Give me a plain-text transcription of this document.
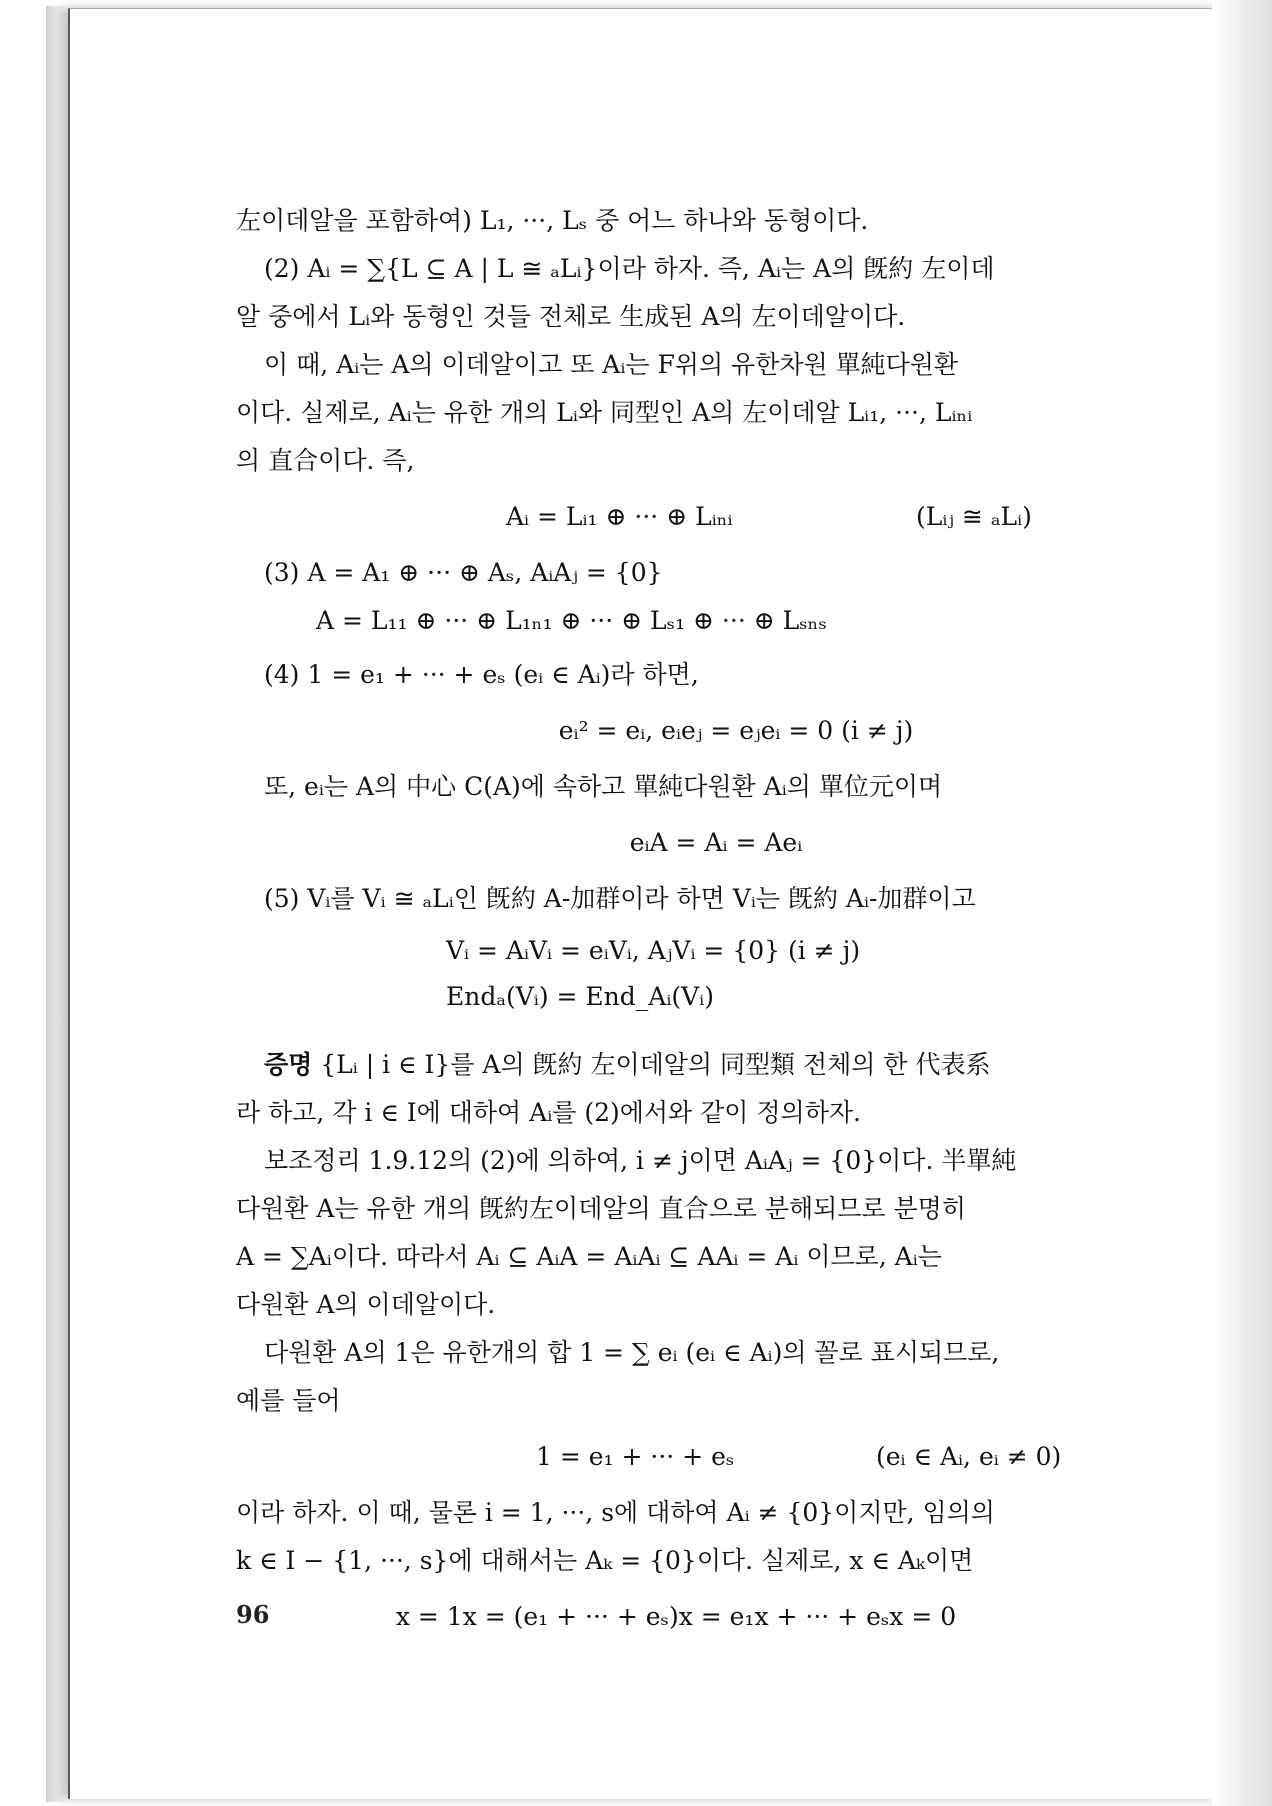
左이데알을 포함하여) L₁, ···, Lₛ 중 어느 하나와 동형이다.

(2) Aᵢ = ∑{L ⊆ A | L ≅ ₐLᵢ}이라 하자. 즉, Aᵢ는 A의 旣約 左이데

알 중에서 Lᵢ와 동형인 것들 전체로 生成된 A의 左이데알이다.

이 때, Aᵢ는 A의 이데알이고 또 Aᵢ는 F위의 유한차원 單純다원환

이다. 실제로, Aᵢ는 유한 개의 Lᵢ와 同型인 A의 左이데알 Lᵢ₁, ···, Lᵢₙᵢ

의 直合이다. 즉,

Aᵢ = Lᵢ₁ ⊕ ··· ⊕ Lᵢₙᵢ	(Lᵢⱼ ≅ ₐLᵢ)

(3) A = A₁ ⊕ ··· ⊕ Aₛ, AᵢAⱼ = {0}

A = L₁₁ ⊕ ··· ⊕ L₁ₙ₁ ⊕ ··· ⊕ Lₛ₁ ⊕ ··· ⊕ Lₛₙₛ

(4) 1 = e₁ + ··· + eₛ (eᵢ ∈ Aᵢ)라 하면,

eᵢ² = eᵢ, eᵢeⱼ = eⱼeᵢ = 0 (i ≠ j)

또, eᵢ는 A의 中心 C(A)에 속하고 單純다원환 Aᵢ의 單位元이며

eᵢA = Aᵢ = Aeᵢ

(5) Vᵢ를 Vᵢ ≅ ₐLᵢ인 旣約 A-加群이라 하면 Vᵢ는 旣約 Aᵢ-加群이고

Vᵢ = AᵢVᵢ = eᵢVᵢ, AⱼVᵢ = {0} (i ≠ j)
Endₐ(Vᵢ) = End_Aᵢ(Vᵢ)

증명 {Lᵢ | i ∈ I}를 A의 旣約 左이데알의 同型類 전체의 한 代表系

라 하고, 각 i ∈ I에 대하여 Aᵢ를 (2)에서와 같이 정의하자.

보조정리 1.9.12의 (2)에 의하여, i ≠ j이면 AᵢAⱼ = {0}이다. 半單純

다원환 A는 유한 개의 旣約左이데알의 直合으로 분해되므로 분명히

A = ∑Aᵢ이다. 따라서 Aᵢ ⊆ AᵢA = AᵢAᵢ ⊆ AAᵢ = Aᵢ 이므로, Aᵢ는

다원환 A의 이데알이다.

다원환 A의 1은 유한개의 합 1 = ∑ eᵢ (eᵢ ∈ Aᵢ)의 꼴로 표시되므로,

예를 들어

1 = e₁ + ··· + eₛ	(eᵢ ∈ Aᵢ, eᵢ ≠ 0)

이라 하자. 이 때, 물론 i = 1, ···, s에 대하여 Aᵢ ≠ {0}이지만, 임의의

k ∈ I − {1, ···, s}에 대해서는 Aₖ = {0}이다. 실제로, x ∈ Aₖ이면

x = 1x = (e₁ + ··· + eₛ)x = e₁x + ··· + eₛx = 0
96
